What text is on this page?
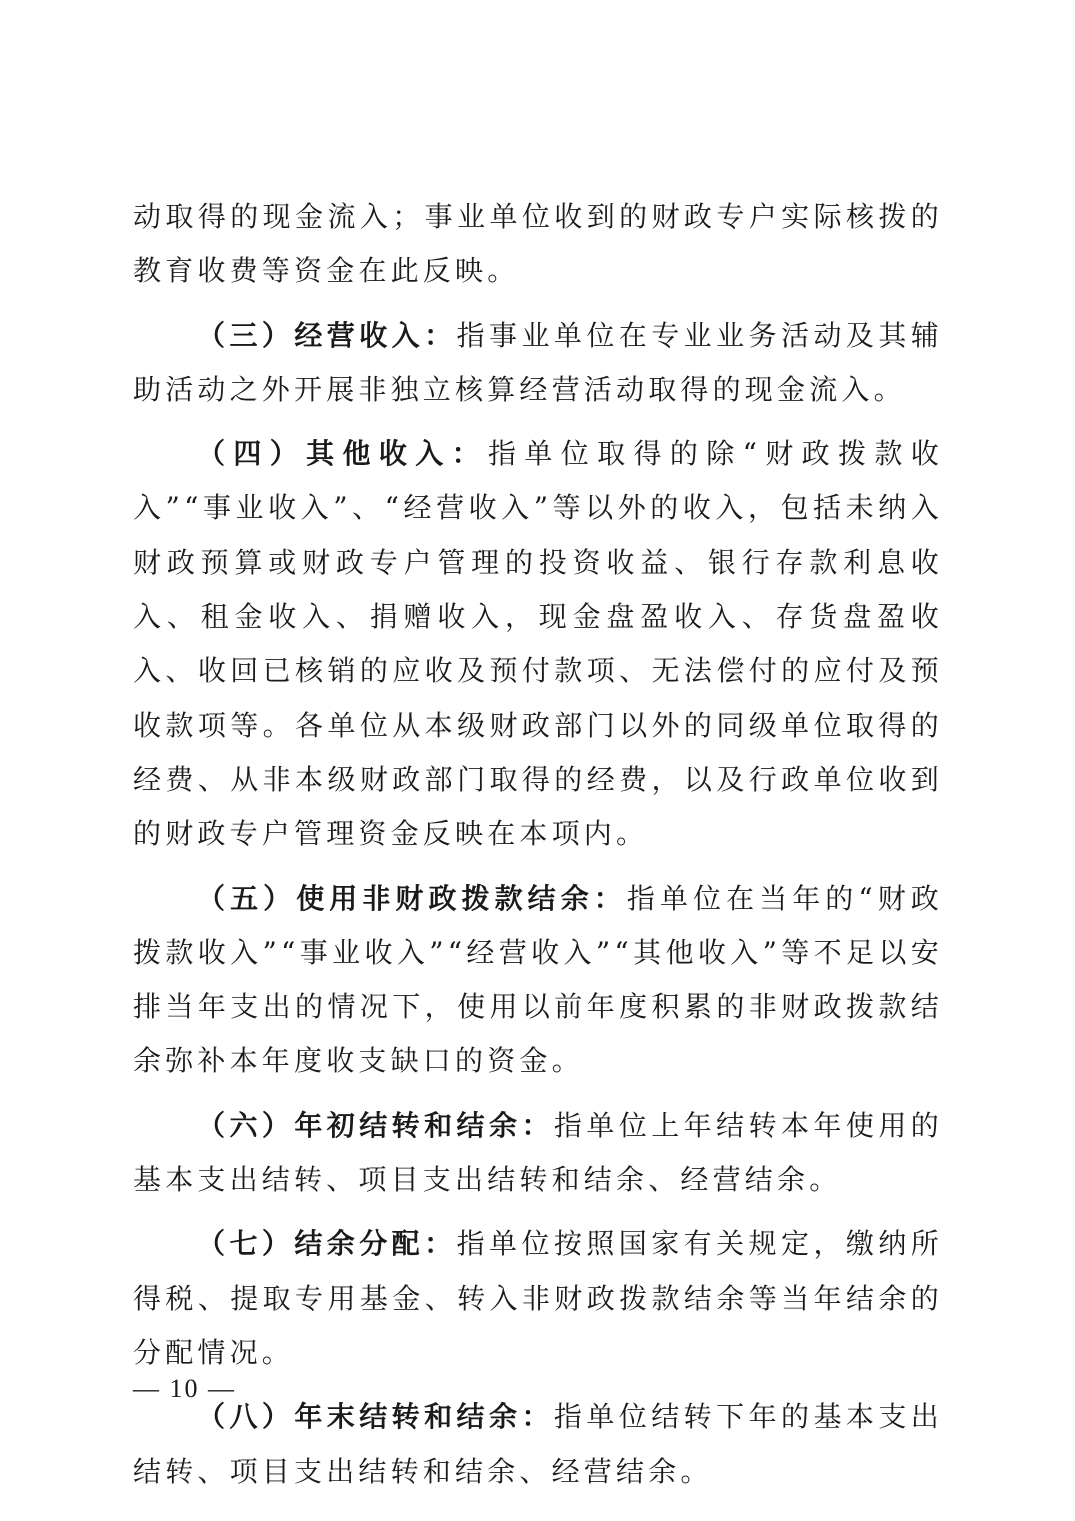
动取得的现金流入；事业单位收到的财政专户实际核拨的教育收费等资金在此反映。

（三）经营收入：指事业单位在专业业务活动及其辅助活动之外开展非独立核算经营活动取得的现金流入。

（四）其他收入：指单位取得的除“财政拨款收入”“事业收入”、“经营收入”等以外的收入，包括未纳入财政预算或财政专户管理的投资收益、银行存款利息收入、租金收入、捐赠收入，现金盘盈收入、存货盘盈收入、收回已核销的应收及预付款项、无法偿付的应付及预收款项等。各单位从本级财政部门以外的同级单位取得的经费、从非本级财政部门取得的经费，以及行政单位收到的财政专户管理资金反映在本项内。

（五）使用非财政拨款结余：指单位在当年的“财政拨款收入”“事业收入”“经营收入”“其他收入”等不足以安排当年支出的情况下，使用以前年度积累的非财政拨款结余弥补本年度收支缺口的资金。

（六）年初结转和结余：指单位上年结转本年使用的基本支出结转、项目支出结转和结余、经营结余。

（七）结余分配：指单位按照国家有关规定，缴纳所得税、提取专用基金、转入非财政拨款结余等当年结余的分配情况。

（八）年末结转和结余：指单位结转下年的基本支出结转、项目支出结转和结余、经营结余。

— 10 —
